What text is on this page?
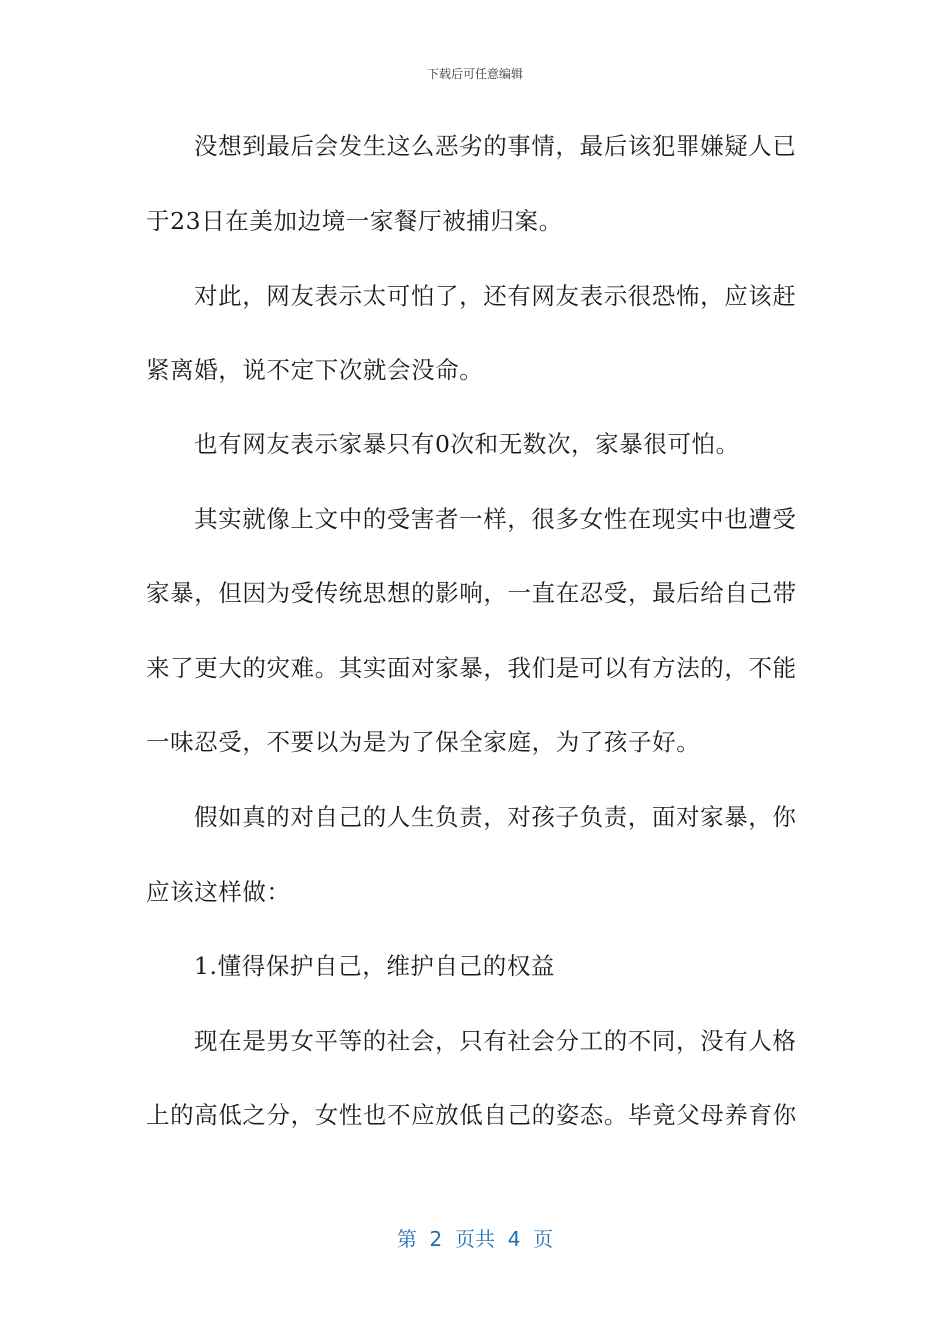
下载后可任意编辑
没想到最后会发生这么恶劣的事情，最后该犯罪嫌疑人已
于23日在美加边境一家餐厅被捕归案。
对此，网友表示太可怕了，还有网友表示很恐怖，应该赶
紧离婚，说不定下次就会没命。
也有网友表示家暴只有0次和无数次，家暴很可怕。
其实就像上文中的受害者一样，很多女性在现实中也遭受
家暴，但因为受传统思想的影响，一直在忍受，最后给自己带
来了更大的灾难。其实面对家暴，我们是可以有方法的，不能
一味忍受，不要以为是为了保全家庭，为了孩子好。
假如真的对自己的人生负责，对孩子负责，面对家暴，你
应该这样做：
1.懂得保护自己，维护自己的权益
现在是男女平等的社会，只有社会分工的不同，没有人格
上的高低之分，女性也不应放低自己的姿态。毕竟父母养育你
第  2  页共  4  页
